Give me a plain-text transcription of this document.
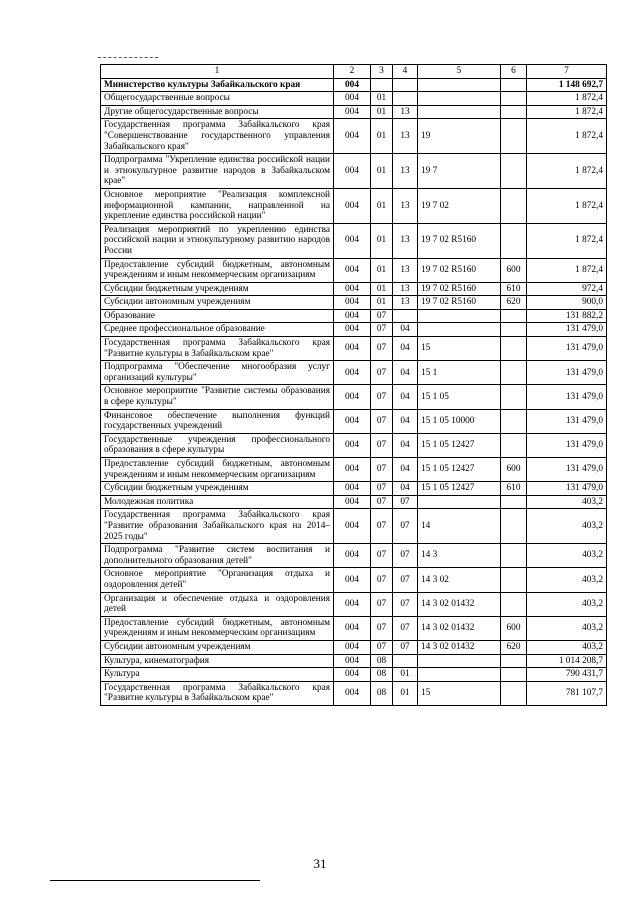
1	2	3	4	5	6	7
Министерство культуры Забайкальского края	004					1 148 692,7
Общегосударственные вопросы	004	01				1 872,4
Другие общегосударственные вопросы	004	01	13			1 872,4
Государственная программа Забайкальского края "Совершенствование государственного управления Забайкальского края"	004	01	13	19		1 872,4
Подпрограмма "Укрепление единства российской нации и этнокультурное развитие народов в Забайкальском крае"	004	01	13	19 7		1 872,4
Основное мероприятие "Реализация комплексной информационной кампании, направленной на укрепление единства российской нации"	004	01	13	19 7 02		1 872,4
Реализация мероприятий по укреплению единства российской нации и этнокультурному развитию народов России	004	01	13	19 7 02 R5160		1 872,4
Предоставление субсидий бюджетным, автономным учреждениям и иным некоммерческим организациям	004	01	13	19 7 02 R5160	600	1 872,4
Субсидии бюджетным учреждениям	004	01	13	19 7 02 R5160	610	972,4
Субсидии автономным учреждениям	004	01	13	19 7 02 R5160	620	900,0
Образование	004	07				131 882,2
Среднее профессиональное образование	004	07	04			131 479,0
Государственная программа Забайкальского края "Развитие культуры в Забайкальском крае"	004	07	04	15		131 479,0
Подпрограмма "Обеспечение многообразия услуг организаций культуры"	004	07	04	15 1		131 479,0
Основное мероприятие "Развитие системы образования в сфере культуры"	004	07	04	15 1 05		131 479,0
Финансовое обеспечение выполнения функций государственных учреждений	004	07	04	15 1 05 10000		131 479,0
Государственные учреждения профессионального образования в сфере культуры	004	07	04	15 1 05 12427		131 479,0
Предоставление субсидий бюджетным, автономным учреждениям и иным некоммерческим организациям	004	07	04	15 1 05 12427	600	131 479,0
Субсидии бюджетным учреждениям	004	07	04	15 1 05 12427	610	131 479,0
Молодежная политика	004	07	07			403,2
Государственная программа Забайкальского края "Развитие образования Забайкальского края на 2014–2025 годы"	004	07	07	14		403,2
Подпрограмма "Развитие систем воспитания и дополнительного образования детей"	004	07	07	14 3		403,2
Основное мероприятие "Организация отдыха и оздоровления детей"	004	07	07	14 3 02		403,2
Организация и обеспечение отдыха и оздоровления детей	004	07	07	14 3 02 01432		403,2
Предоставление субсидий бюджетным, автономным учреждениям и иным некоммерческим организациям	004	07	07	14 3 02 01432	600	403,2
Субсидии автономным учреждениям	004	07	07	14 3 02 01432	620	403,2
Культура, кинематография	004	08				1 014 208,7
Культура	004	08	01			790 431,7
Государственная программа Забайкальского края "Развитие культуры в Забайкальском крае"	004	08	01	15		781 107,7
31
